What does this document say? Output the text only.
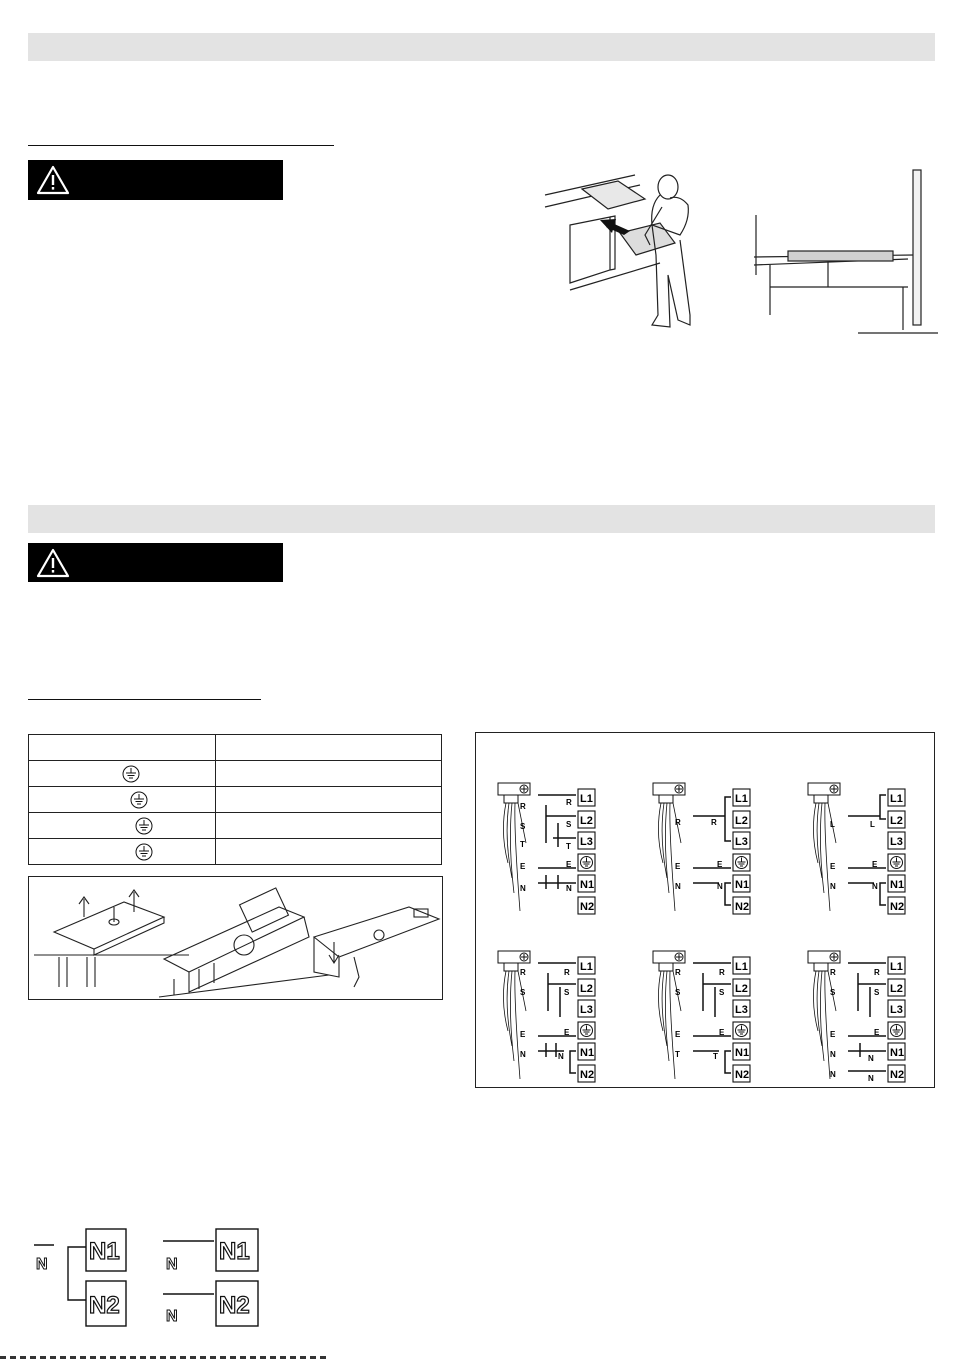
L1
L2
L3
N1
N2
R
S
T
E
N
R
S
T
E
N
L1
L2
L3
N1
N2
R
E
N
R
E
N
L1
L2
L3
N1
N2
L
E
N
L
E
N
L1
L2
L3
N1
N2
R
S
E
N
R
S
E
N
L1
L2
L3
N1
N2
R
S
E
T
R
S
E
T
L1
L2
L3
N1
N2
R
S
E
N
N
R
S
E
N
N
N1
N2
N1
N2
N	N
N
